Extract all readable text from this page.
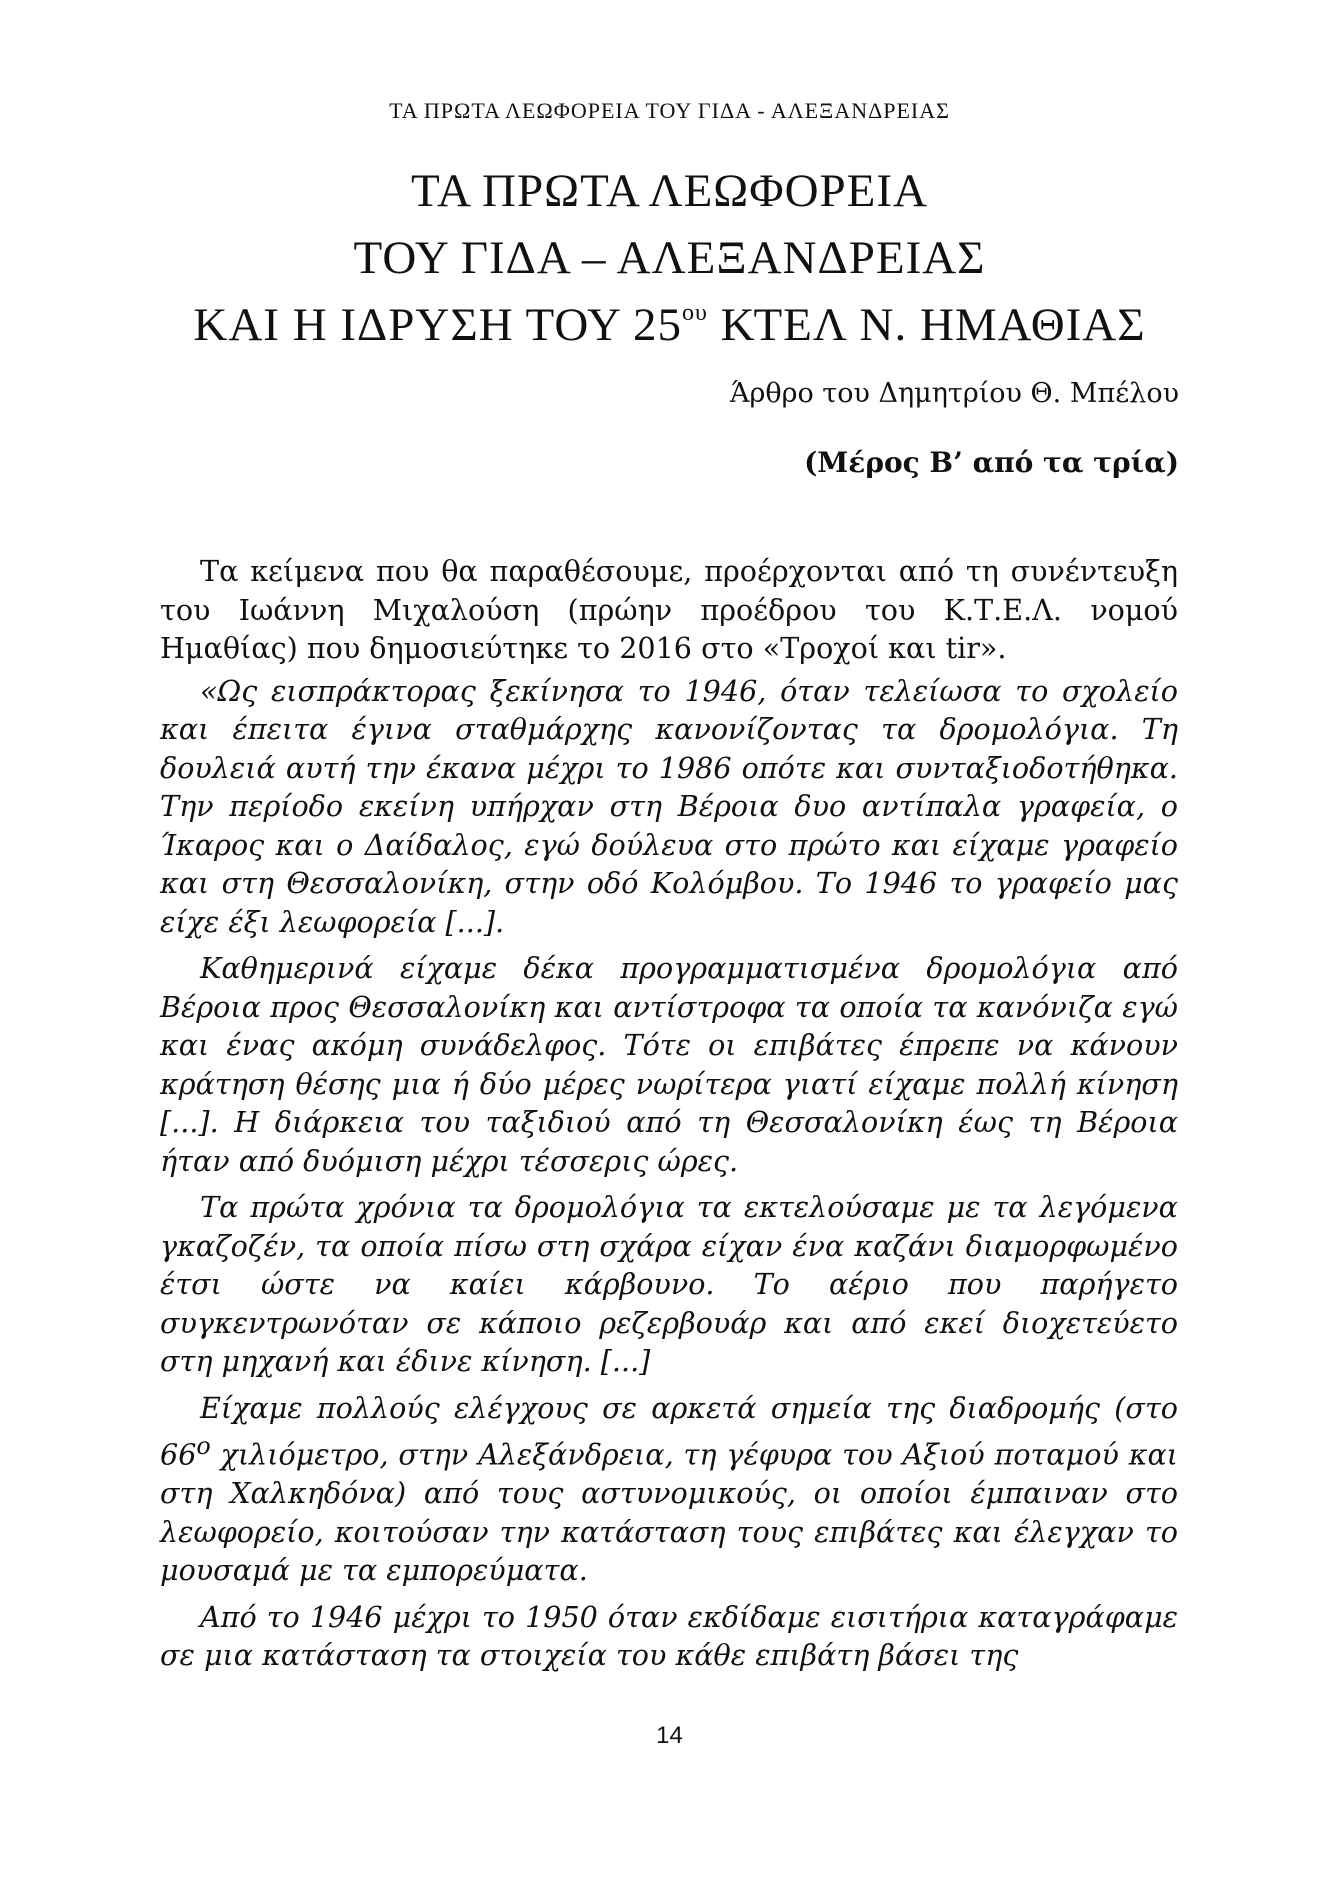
ΤΑ ΠΡΩΤΑ ΛΕΩΦΟΡΕΙΑ ΤΟΥ ΓΙΔΑ - ΑΛΕΞΑΝΔΡΕΙΑΣ
ΤΑ ΠΡΩΤΑ ΛΕΩΦΟΡΕΙΑ
ΤΟΥ ΓΙΔΑ – ΑΛΕΞΑΝΔΡΕΙΑΣ
ΚΑΙ Η ΙΔΡΥΣΗ ΤΟΥ $25^{o\upsilon}$ ΚΤΕΛ Ν. ΗΜΑΘΙΑΣ
Άρθρο του Δημητρίου Θ. Μπέλου
(Μέρος Β’ από τα τρία)

Τα κείμενα που θα παραθέσουμε, προέρχονται από τη συνέντευξη του Ιωάννη Μιχαλούση (πρώην προέδρου του Κ.Τ.Ε.Λ. νομού Ημαθίας) που δημοσιεύτηκε το 2016 στο «Τροχοί και tir».

«Ως εισπράκτορας ξεκίνησα το 1946, όταν τελείωσα το σχολείο και έπειτα έγινα σταθμάρχης κανονίζοντας τα δρομολόγια. Τη δουλειά αυτή την έκανα μέχρι το 1986 οπότε και συνταξιοδοτήθηκα. Την περίοδο εκείνη υπήρχαν στη Βέροια δυο αντίπαλα γραφεία, ο Ίκαρος και ο Δαίδαλος, εγώ δούλευα στο πρώτο και είχαμε γραφείο και στη Θεσσαλονίκη, στην οδό Κολόμβου. Το 1946 το γραφείο μας είχε έξι λεωφορεία [...].

Καθημερινά είχαμε δέκα προγραμματισμένα δρομολόγια από Βέροια προς Θεσσαλονίκη και αντίστροφα τα οποία τα κανόνιζα εγώ και ένας ακόμη συνάδελφος. Τότε οι επιβάτες έπρεπε να κάνουν κράτηση θέσης μια ή δύο μέρες νωρίτερα γιατί είχαμε πολλή κίνηση [...]. Η διάρκεια του ταξιδιού από τη Θεσσαλονίκη έως τη Βέροια ήταν από δυόμιση μέχρι τέσσερις ώρες.

Τα πρώτα χρόνια τα δρομολόγια τα εκτελούσαμε με τα λεγόμενα γκαζοζέν, τα οποία πίσω στη σχάρα είχαν ένα καζάνι διαμορφωμένο έτσι ώστε να καίει κάρβουνο. Το αέριο που παρήγετο συγκεντρωνόταν σε κάποιο ρεζερβουάρ και από εκεί διοχετεύετο στη μηχανή και έδινε κίνηση. [...]

Είχαμε πολλούς ελέγχους σε αρκετά σημεία της διαδρομής (στο $66^o$ χιλιόμετρο, στην Αλεξάνδρεια, τη γέφυρα του Αξιού ποταμού και στη Χαλκηδόνα) από τους αστυνομικούς, οι οποίοι έμπαιναν στο λεωφορείο, κοιτούσαν την κατάσταση τους επιβάτες και έλεγχαν το μουσαμά με τα εμπορεύματα.

Από το 1946 μέχρι το 1950 όταν εκδίδαμε εισιτήρια καταγράφαμε σε μια κατάσταση τα στοιχεία του κάθε επιβάτη βάσει της

14
